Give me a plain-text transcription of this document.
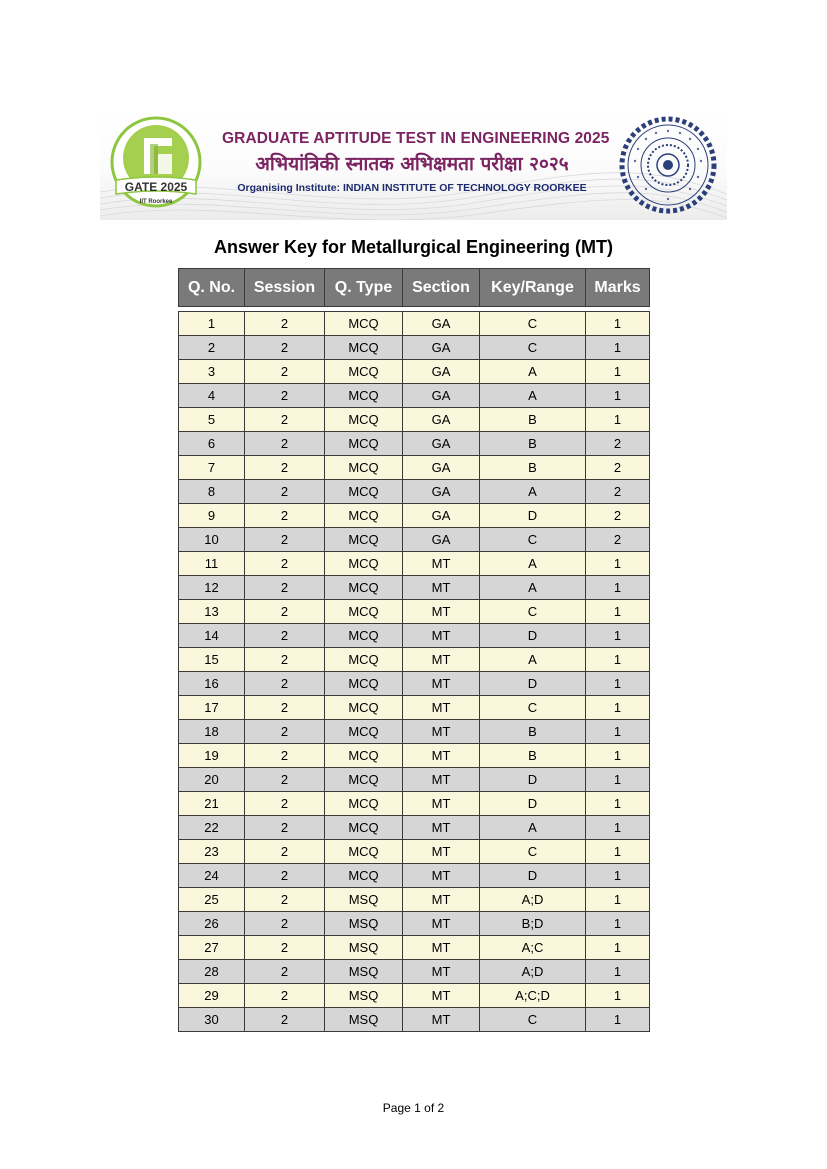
GATE 2025
IIT Roorkee
GRADUATE APTITUDE TEST IN ENGINEERING 2025
अभियांत्रिकी स्नातक अभिक्षमता परीक्षा २०२५
Organising Institute: INDIAN INSTITUTE OF TECHNOLOGY ROORKEE
Answer Key for Metallurgical Engineering (MT)
Q. No.	Session	Q. Type	Section	Key/Range	Marks

1	2	MCQ	GA	C	1
2	2	MCQ	GA	C	1
3	2	MCQ	GA	A	1
4	2	MCQ	GA	A	1
5	2	MCQ	GA	B	1
6	2	MCQ	GA	B	2
7	2	MCQ	GA	B	2
8	2	MCQ	GA	A	2
9	2	MCQ	GA	D	2
10	2	MCQ	GA	C	2
11	2	MCQ	MT	A	1
12	2	MCQ	MT	A	1
13	2	MCQ	MT	C	1
14	2	MCQ	MT	D	1
15	2	MCQ	MT	A	1
16	2	MCQ	MT	D	1
17	2	MCQ	MT	C	1
18	2	MCQ	MT	B	1
19	2	MCQ	MT	B	1
20	2	MCQ	MT	D	1
21	2	MCQ	MT	D	1
22	2	MCQ	MT	A	1
23	2	MCQ	MT	C	1
24	2	MCQ	MT	D	1
25	2	MSQ	MT	A;D	1
26	2	MSQ	MT	B;D	1
27	2	MSQ	MT	A;C	1
28	2	MSQ	MT	A;D	1
29	2	MSQ	MT	A;C;D	1
30	2	MSQ	MT	C	1
Page 1 of 2
